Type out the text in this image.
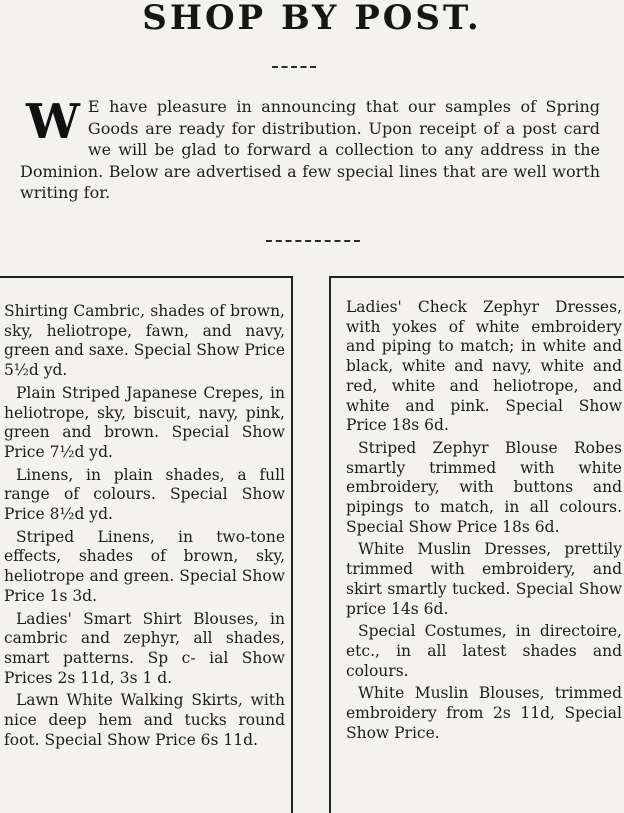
SHOP BY POST.
W E have pleasure in announcing that our samples of Spring Goods are ready for distribution. Upon receipt of a post card we will be glad to forward a collection to any address in the Dominion. Below are advertised a few special lines that are well worth writing for.

Shirting Cambric, shades of brown, sky, heliotrope, fawn, and navy, green and saxe. Special Show Price 5½d yd.

Plain Striped Japanese Crepes, in heliotrope, sky, biscuit, navy, pink, green and brown. Special Show Price 7½d yd.

Linens, in plain shades, a full range of colours. Special Show Price 8½d yd.

Striped Linens, in two-tone effects, shades of brown, sky, heliotrope and green. Special Show Price 1s 3d.

Ladies' Smart Shirt Blouses, in cambric and zephyr, all shades, smart patterns. Sp c- ial Show Prices 2s 11d, 3s 1 d.

Lawn White Walking Skirts, with nice deep hem and tucks round foot. Special Show Price 6s 11d.

Ladies' Check Zephyr Dresses, with yokes of white embroidery and piping to match; in white and black, white and navy, white and red, white and heliotrope, and white and pink. Special Show Price 18s 6d.

Striped Zephyr Blouse Robes smartly trimmed with white embroidery, with buttons and pipings to match, in all colours. Special Show Price 18s 6d.

White Muslin Dresses, prettily trimmed with embroidery, and skirt smartly tucked. Special Show price 14s 6d.

Special Costumes, in directoire, etc., in all latest shades and colours.

White Muslin Blouses, trimmed embroidery from 2s 11d, Special Show Price.
